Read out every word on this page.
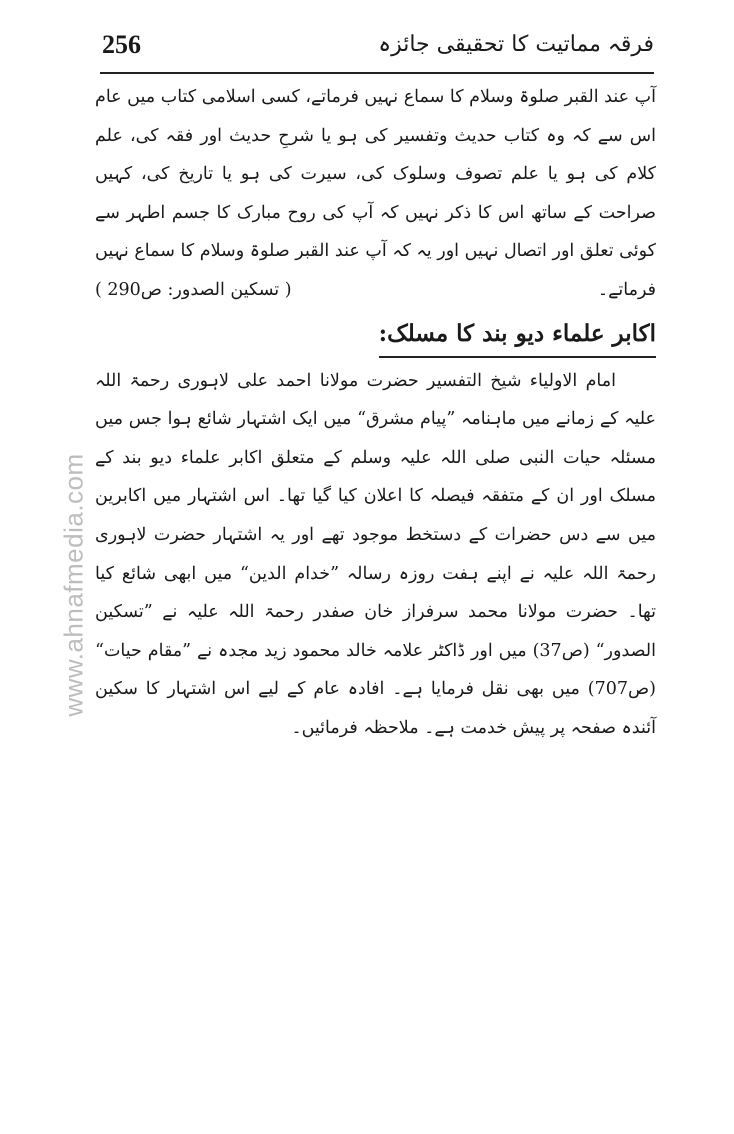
256	فرقہ مماتیت کا تحقیقی جائزہ
www.ahnafmedia.com

آپ عند القبر صلوۃ وسلام کا سماع نہیں فرماتے، کسی اسلامی کتاب میں عام اس سے کہ وہ کتاب حدیث وتفسیر کی ہو یا شرحِ حدیث اور فقہ کی، علم کلام کی ہو یا علم تصوف وسلوک کی، سیرت کی ہو یا تاریخ کی، کہیں صراحت کے ساتھ اس کا ذکر نہیں کہ آپ کی روح مبارک کا جسم اطہر سے کوئی تعلق اور اتصال نہیں اور یہ کہ آپ عند القبر صلوۃ وسلام کا سماع نہیں فرماتے۔
( تسکین الصدور: ص290 )

اکابر علماء دیو بند کا مسلک:

امام الاولیاء شیخ التفسیر حضرت مولانا احمد علی لاہوری رحمۃ اللہ علیہ کے زمانے میں ماہنامہ ”پیام مشرق“ میں ایک اشتہار شائع ہوا جس میں مسئلہ حیات النبی صلی اللہ علیہ وسلم کے متعلق اکابر علماء دیو بند کے مسلک اور ان کے متفقہ فیصلہ کا اعلان کیا گیا تھا۔ اس اشتہار میں اکابرین میں سے دس حضرات کے دستخط موجود تھے اور یہ اشتہار حضرت لاہوری رحمۃ اللہ علیہ نے اپنے ہفت روزہ رسالہ ”خدام الدین“ میں ابھی شائع کیا تھا۔ حضرت مولانا محمد سرفراز خان صفدر رحمۃ اللہ علیہ نے ”تسکین الصدور“ (ص37) میں اور ڈاکٹر علامہ خالد محمود زید مجدہ نے ”مقام حیات“ (ص707) میں بھی نقل فرمایا ہے۔ افادہ عام کے لیے اس اشتہار کا سکین آئندہ صفحہ پر پیش خدمت ہے۔ ملاحظہ فرمائیں۔
